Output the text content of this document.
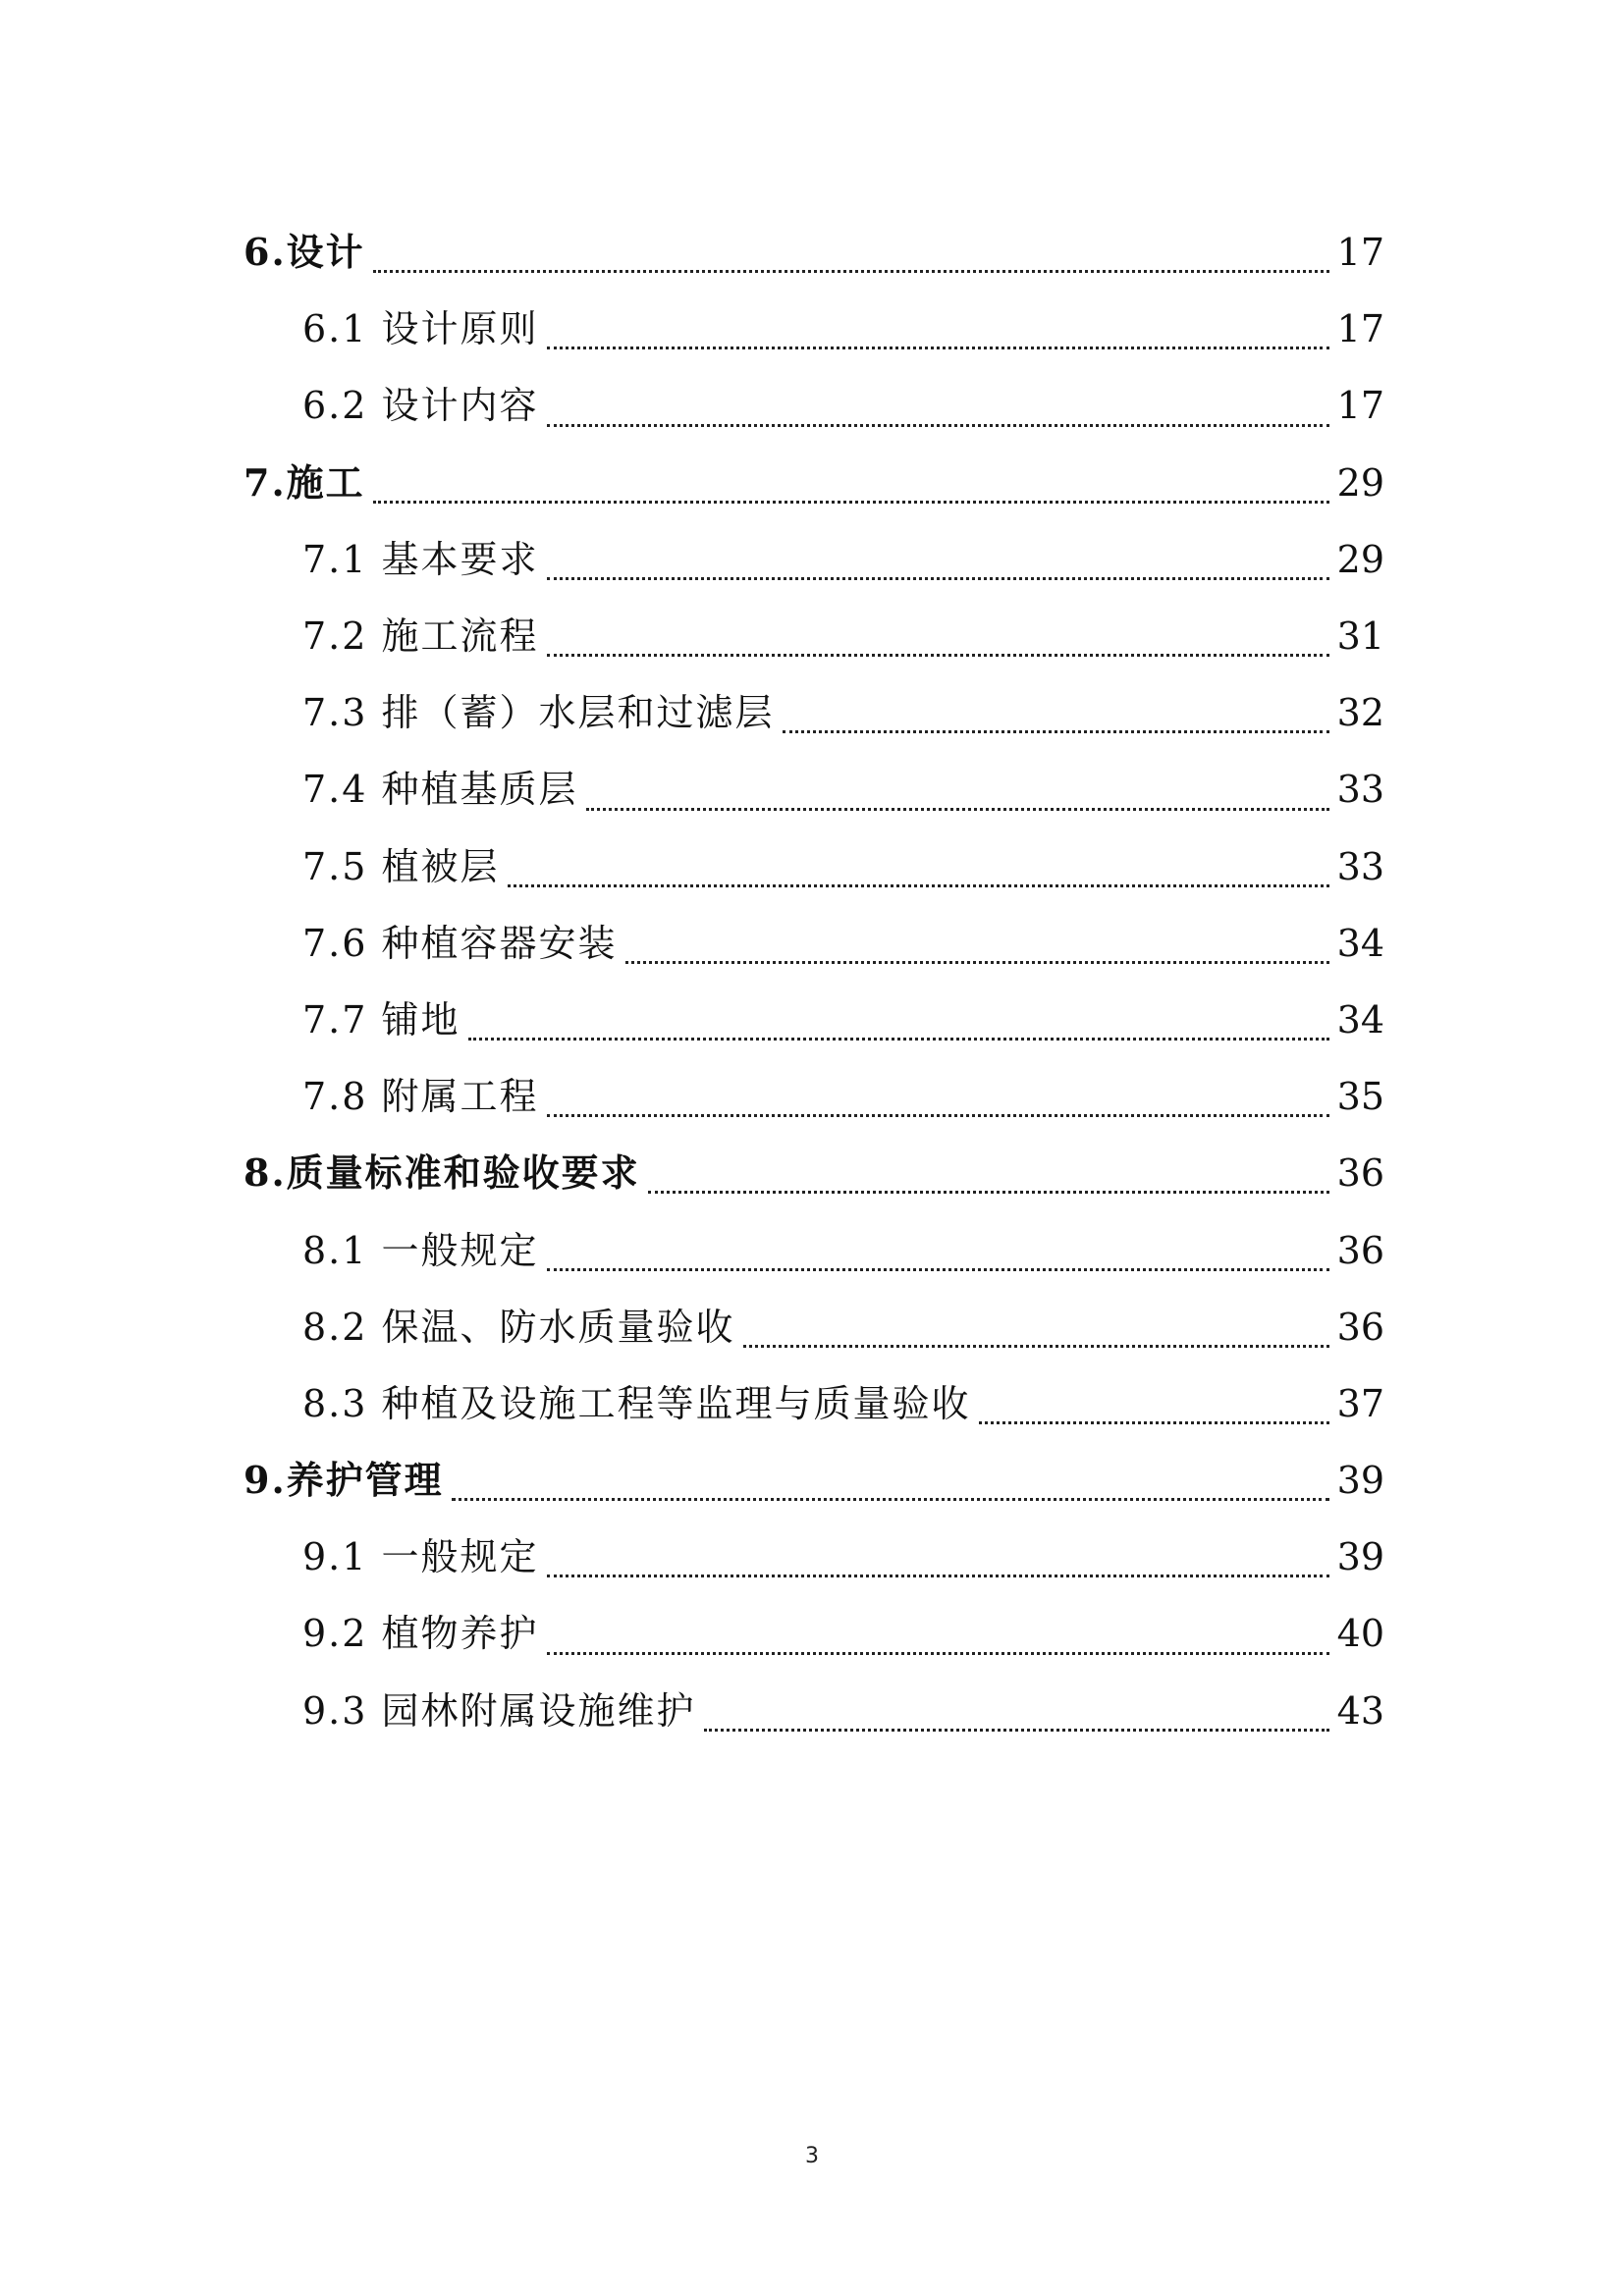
6.设计	17
6.1 设计原则	17
6.2 设计内容	17
7.施工	29
7.1 基本要求	29
7.2 施工流程	31
7.3 排（蓄）水层和过滤层	32
7.4 种植基质层	33
7.5 植被层	33
7.6 种植容器安装	34
7.7 铺地	34
7.8 附属工程	35
8.质量标准和验收要求	36
8.1 一般规定	36
8.2 保温、防水质量验收	36
8.3 种植及设施工程等监理与质量验收	37
9.养护管理	39
9.1 一般规定	39
9.2 植物养护	40
9.3 园林附属设施维护	43
3
